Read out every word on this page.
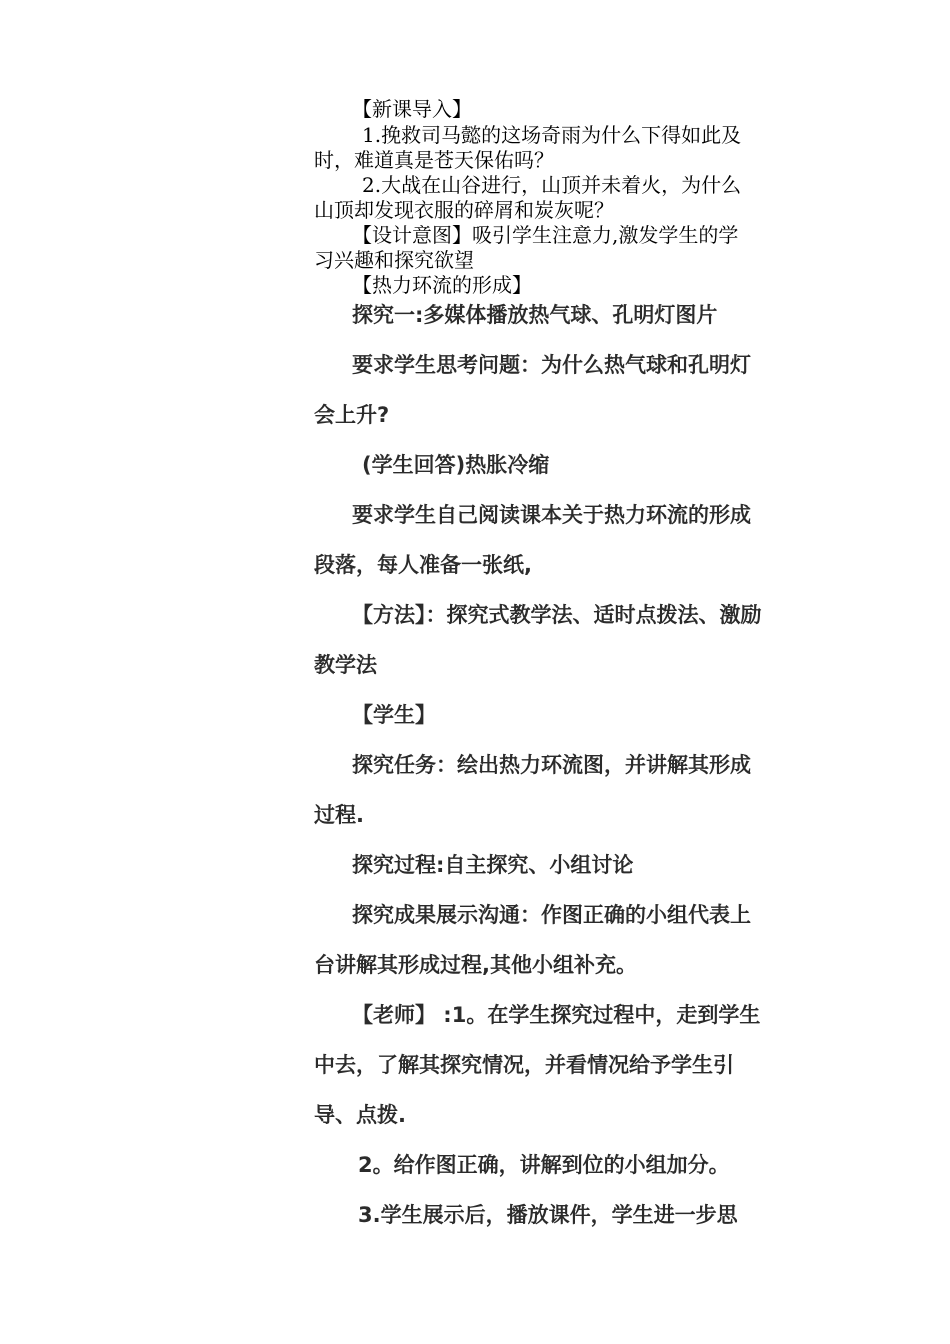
【新课导入】
1.挽救司马懿的这场奇雨为什么下得如此及
时，难道真是苍天保佑吗？
2.大战在山谷进行，山顶并未着火，为什么
山顶却发现衣服的碎屑和炭灰呢？
【设计意图】吸引学生注意力,激发学生的学
习兴趣和探究欲望
【热力环流的形成】
探究一:多媒体播放热气球、孔明灯图片
要求学生思考问题：为什么热气球和孔明灯
会上升?
(学生回答)热胀冷缩
要求学生自己阅读课本关于热力环流的形成
段落，每人准备一张纸,
【方法】：探究式教学法、适时点拨法、激励
教学法
【学生】
探究任务：绘出热力环流图，并讲解其形成
过程.
探究过程:自主探究、小组讨论
探究成果展示沟通：作图正确的小组代表上
台讲解其形成过程,其他小组补充。
【老师】 :1。在学生探究过程中，走到学生
中去，了解其探究情况，并看情况给予学生引
导、点拨.
2。给作图正确，讲解到位的小组加分。
3.学生展示后，播放课件，学生进一步思
